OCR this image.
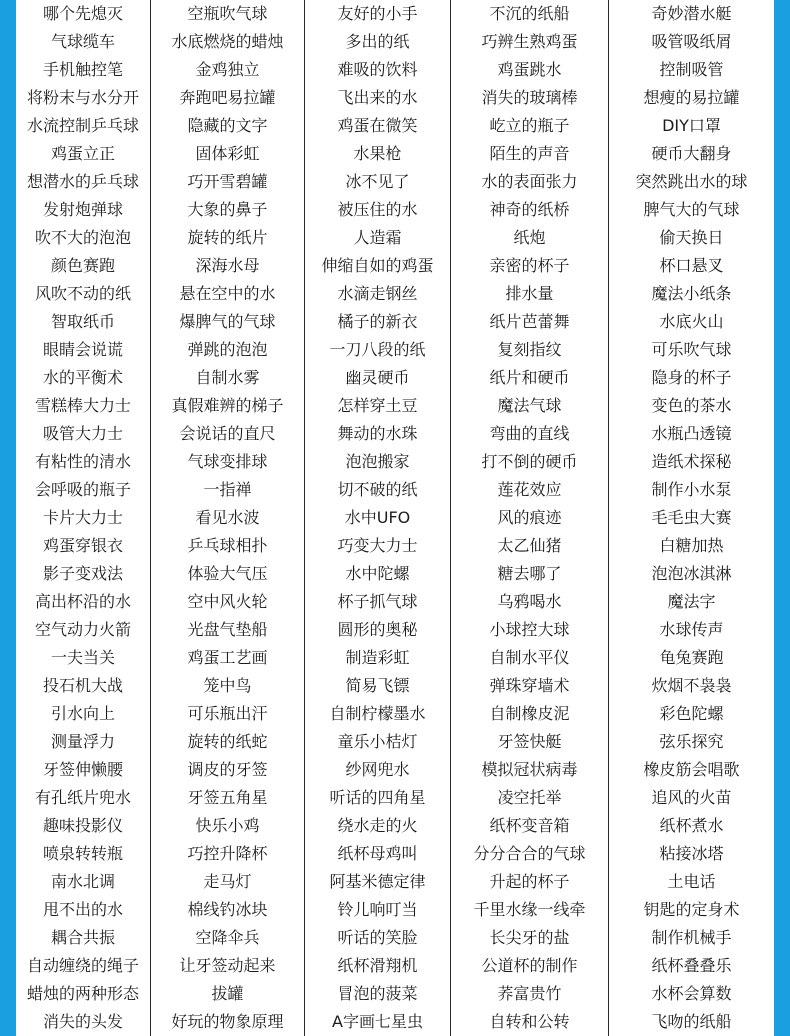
哪个先熄灭
气球缆车
手机触控笔
将粉末与水分开
水流控制乒乓球
鸡蛋立正
想潜水的乒乓球
发射炮弹球
吹不大的泡泡
颜色赛跑
风吹不动的纸
智取纸币
眼睛会说谎
水的平衡术
雪糕棒大力士
吸管大力士
有粘性的清水
会呼吸的瓶子
卡片大力士
鸡蛋穿银衣
影子变戏法
高出杯沿的水
空气动力火箭
一夫当关
投石机大战
引水向上
测量浮力
牙签伸懒腰
有孔纸片兜水
趣味投影仪
喷泉转转瓶
南水北调
甩不出的水
耦合共振
自动缠绕的绳子
蜡烛的两种形态
消失的头发
空瓶吹气球
水底燃烧的蜡烛
金鸡独立
奔跑吧易拉罐
隐藏的文字
固体彩虹
巧开雪碧罐
大象的鼻子
旋转的纸片
深海水母
悬在空中的水
爆脾气的气球
弹跳的泡泡
自制水雾
真假难辨的梯子
会说话的直尺
气球变排球
一指禅
看见水波
乒乓球相扑
体验大气压
空中风火轮
光盘气垫船
鸡蛋工艺画
笼中鸟
可乐瓶出汗
旋转的纸蛇
调皮的牙签
牙签五角星
快乐小鸡
巧控升降杯
走马灯
棉线钓冰块
空降伞兵
让牙签动起来
拔罐
好玩的物象原理
友好的小手
多出的纸
难吸的饮料
飞出来的水
鸡蛋在微笑
水果枪
冰不见了
被压住的水
人造霜
伸缩自如的鸡蛋
水滴走钢丝
橘子的新衣
一刀八段的纸
幽灵硬币
怎样穿土豆
舞动的水珠
泡泡搬家
切不破的纸
水中UFO
巧变大力士
水中陀螺
杯子抓气球
圆形的奥秘
制造彩虹
简易飞镖
自制柠檬墨水
童乐小桔灯
纱网兜水
听话的四角星
绕水走的火
纸杯母鸡叫
阿基米德定律
铃儿响叮当
听话的笑脸
纸杯滑翔机
冒泡的菠菜
A字画七星虫
不沉的纸船
巧辨生熟鸡蛋
鸡蛋跳水
消失的玻璃棒
屹立的瓶子
陌生的声音
水的表面张力
神奇的纸桥
纸炮
亲密的杯子
排水量
纸片芭蕾舞
复刻指纹
纸片和硬币
魔法气球
弯曲的直线
打不倒的硬币
莲花效应
风的痕迹
太乙仙猪
糖去哪了
乌鸦喝水
小球控大球
自制水平仪
弹珠穿墙术
自制橡皮泥
牙签快艇
模拟冠状病毒
凌空托举
纸杯变音箱
分分合合的气球
升起的杯子
千里水缘一线牵
长尖牙的盐
公道杯的制作
荞富贵竹
自转和公转
奇妙潜水艇
吸管吸纸屑
控制吸管
想瘦的易拉罐
DIY口罩
硬币大翻身
突然跳出水的球
脾气大的气球
偷天换日
杯口悬叉
魔法小纸条
水底火山
可乐吹气球
隐身的杯子
变色的茶水
水瓶凸透镜
造纸术探秘
制作小水泵
毛毛虫大赛
白糖加热
泡泡冰淇淋
魔法字
水球传声
龟兔赛跑
炊烟不袅袅
彩色陀螺
弦乐探究
橡皮筋会唱歌
追风的火苗
纸杯煮水
粘接冰塔
土电话
钥匙的定身术
制作机械手
纸杯叠叠乐
水杯会算数
飞吻的纸船
